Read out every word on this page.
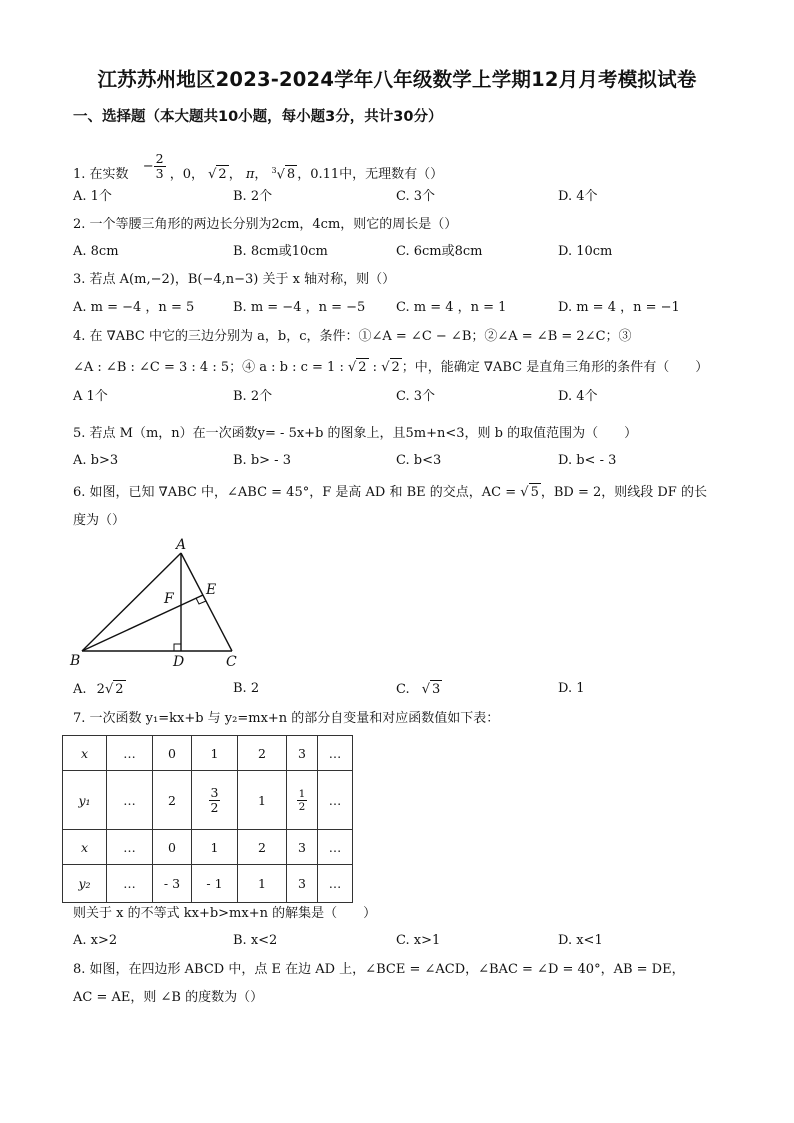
江苏苏州地区2023-2024学年八年级数学上学期12月月考模拟试卷
一、选择题（本大题共10小题，每小题3分，共计30分）
1. 在实数 − $\frac{2}{3}$ ，0， √ 2 ， π， $^3$√ 8 ，0.11中，无理数有（）
A. 1个	B. 2个	C. 3个	D. 4个
2. 一个等腰三角形的两边长分别为2cm，4cm，则它的周长是（）
A. 8cm	B. 8cm或10cm	C. 6cm或8cm	D. 10cm
3. 若点 A(m,−2)，B(−4,n−3) 关于 x 轴对称，则（）
A. m = −4 ，n = 5	B. m = −4 ，n = −5 C. m = 4 ，n = 1	D. m = 4 ，n = −1
4. 在 ∇ABC 中它的三边分别为 a，b，c，条件：①∠A = ∠C − ∠B；②∠A = ∠B = 2∠C；③
∠A : ∠B : ∠C = 3 : 4 : 5；④ a : b : c = 1 : √ 2 : √ 2 ；中，能确定 ∇ABC 是直角三角形的条件有（　　）
A 1个	B. 2个	C. 3个	D. 4个
5. 若点 M（m，n）在一次函数y= - 5x+b 的图象上，且5m+n<3，则 b 的取值范围为（　　）
A. b>3	B. b> - 3	C. b<3	D. b< - 3
6. 如图，已知 ∇ABC 中，∠ABC = 45°，F 是高 AD 和 BE 的交点，AC = √ 5 ，BD = 2，则线段 DF 的长
度为（）
A
B	C
D
E
F
A. 2√ 2	B. 2	C. √ 3	D. 1
7. 一次函数 y₁=kx+b 与 y₂=mx+n 的部分自变量和对应函数值如下表：
x	…	0	1	2	3	…
y₁	…	2	$\frac{3}{2}$	1	$\frac{1}{2}$	…
x	…	0	1	2	3	…
y₂	…	- 3	- 1	1	3	…
则关于 x 的不等式 kx+b>mx+n 的解集是（　　）
A. x>2	B. x<2	C. x>1	D. x<1
8. 如图，在四边形 ABCD 中，点 E 在边 AD 上，∠BCE = ∠ACD，∠BAC = ∠D = 40°，AB = DE，
AC = AE，则 ∠B 的度数为（）
